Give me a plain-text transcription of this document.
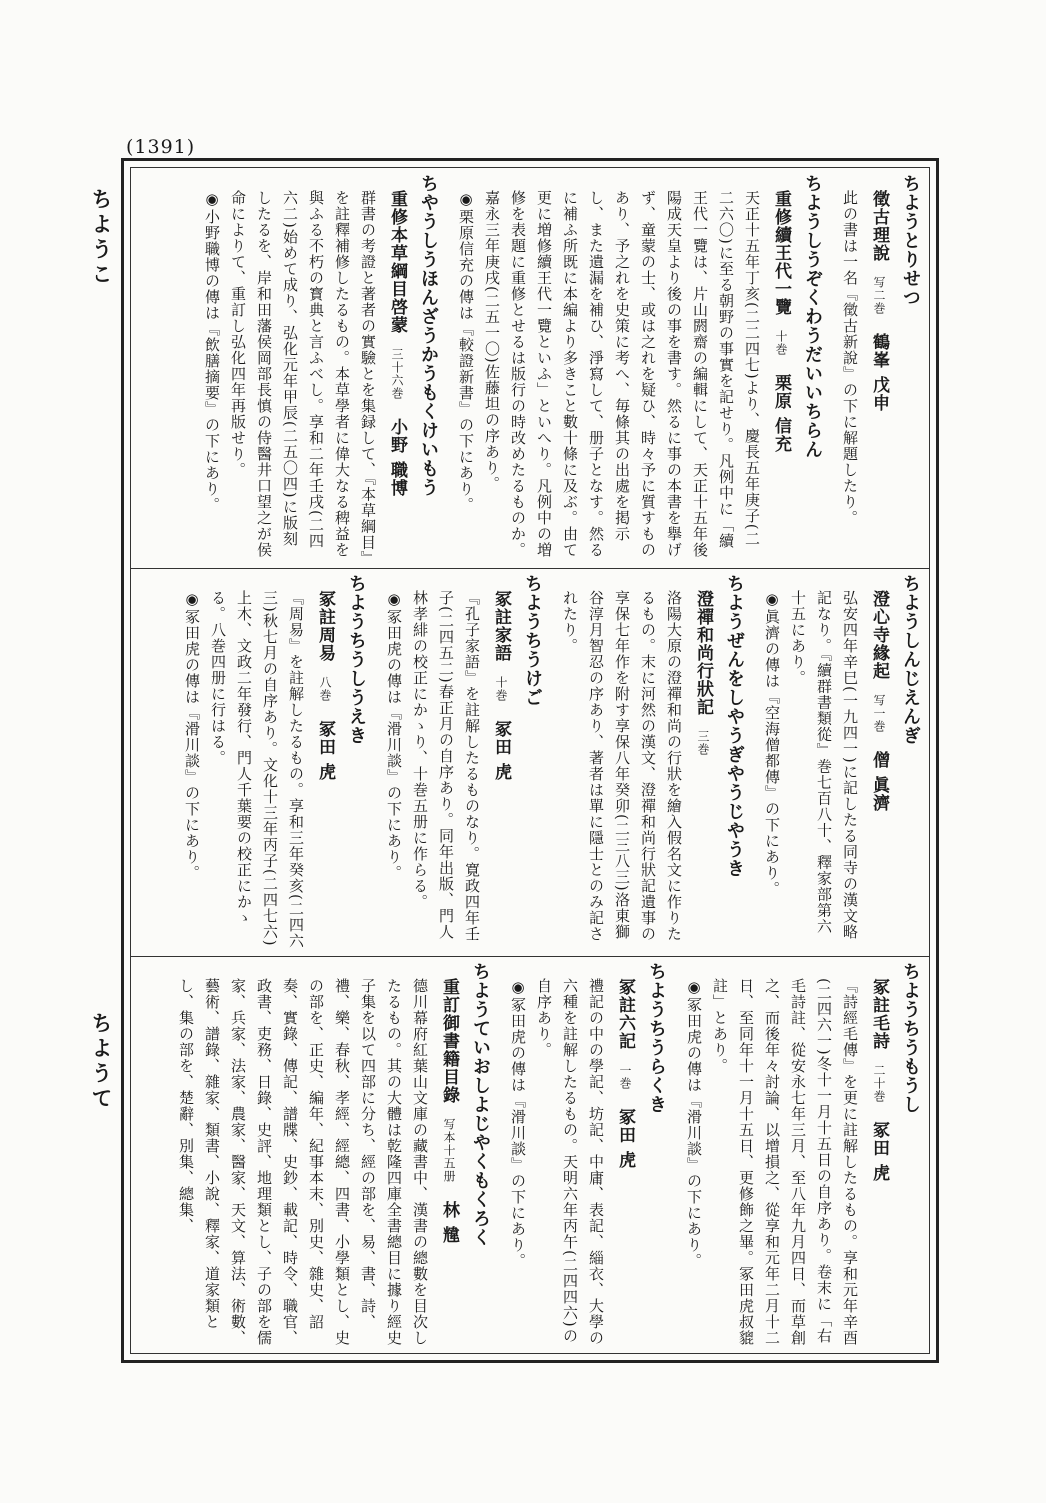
(1391)
ちようとりせつ
徵古理說写二巻鶴峯 戊申
此の書は一名『徵古新說』の下に解題したり。
ちようしうぞくわうだいいちらん
重修續王代一覽十巻栗原 信充
天正十五年丁亥(二二四七)より、慶長五年庚子(二二六〇)に至る朝野の事實を記せり。凡例中に「續王代一覽は、片山閼齋の編輯にして、天正十五年後陽成天皇より後の事を書す。然るに事の本書を擧げず、童蒙の士、或は之れを疑ひ、時々予に質すものあり、予之れを史策に考へ、毎條其の出處を掲示し、また遺漏を補ひ、淨寫して、册子となす。然るに補ふ所既に本編より多きこと數十條に及ぶ。由て更に増修續王代一覽といふ」といへり。凡例中の増修を表題に重修とせるは版行の時改めたるものか。嘉永三年庚戌(二五一〇)佐藤坦の序あり。
◉栗原信充の傳は『較證新書』の下にあり。
ちやうしうほんざうかうもくけいもう
重修本草綱目啓蒙三十六巻小野 職博
群書の考證と著者の實驗とを集録して、『本草綱目』を註釋補修したるもの。本草學者に偉大なる稗益を與ふる不朽の寳典と言ふべし。享和二年壬戌(二四六二)始めて成り、弘化元年甲辰(二五〇四)に版刻したるを、岸和田藩侯岡部長慎の侍醫井口望之が侯命によりて、重訂し弘化四年再版せり。
◉小野職博の傳は『飲膳摘要』の下にあり。
ちようしんじえんぎ
澄心寺緣起写一巻僧 眞濟
弘安四年辛巳(一九四一)に記したる同寺の漢文略記なり。『續群書類從』巻七百八十、釋家部第六十五にあり。
◉眞濟の傳は『空海僧都傳』の下にあり。
ちようぜんをしやうぎやうじやうき
澄禪和尚行狀記三巻
洛陽大原の澄禪和尚の行狀を繪入假名文に作りたるもの。末に河然の漢文、澄禪和尚行狀記遺事の享保七年作を附す享保八年癸卯(二三八三)洛東獅谷淳月智忍の序あり、著者は單に隱士とのみ記されたり。
ちようちうけご
冢註家語十巻冢田 虎
『孔子家語』を註解したるものなり。寛政四年壬子(二四五二)春正月の自序あり。同年出版、門人林孝緋の校正にかゝり、十巻五册に作らる。
◉冢田虎の傳は『滑川談』の下にあり。
ちようちうしうえき
冢註周易八巻冢田 虎
『周易』を註解したるもの。享和三年癸亥(二四六三)秋七月の自序あり。文化十三年丙子(二四七六)上木、文政二年發行、門人千葉要の校正にかゝる。八巻四册に行はる。
◉冢田虎の傳は『滑川談』の下にあり。
ちようちうもうし
冢註毛詩二十巻冢田 虎
『詩經毛傳』を更に註解したるもの。享和元年辛酉(二四六一)冬十一月十五日の自序あり。卷末に「右毛詩註、從安永七年三月、至八年九月四日、而草創之、而後年々討論、以增損之、從享和元年二月十二日、至同年十一月十五日、更修飾之畢。冢田虎叔貔註」とあり。
◉冢田虎の傳は『滑川談』の下にあり。
ちようちうらくき
冢註六記一巻冢田 虎
禮記の中の學記、坊記、中庸、表記、緇衣、大學の六種を註解したるもの。天明六年丙午(二四四六)の自序あり。
◉冢田虎の傳は『滑川談』の下にあり。
ちようていおしよじやくもくろく
重訂御書籍目錄写本十五册林 韑
德川幕府紅葉山文庫の藏書中、漢書の總數を目次したるもの。其の大體は乾隆四庫全書總目に據り經史子集を以て四部に分ち、經の部を、易、書、詩、禮、樂、春秋、孝經、經總、四書、小學類とし、史の部を、正史、編年、紀事本末、別史、雜史、詔奏、實錄、傳記、譜牒、史鈔、載記、時令、職官、政書、吏務、日錄、史評、地理類とし、子の部を儒家、兵家、法家、農家、醫家、天文、算法、術數、藝術、譜錄、雜家、類書、小說、釋家、道家類とし、集の部を、楚辭、別集、總集、
ちようこ
ちようて
